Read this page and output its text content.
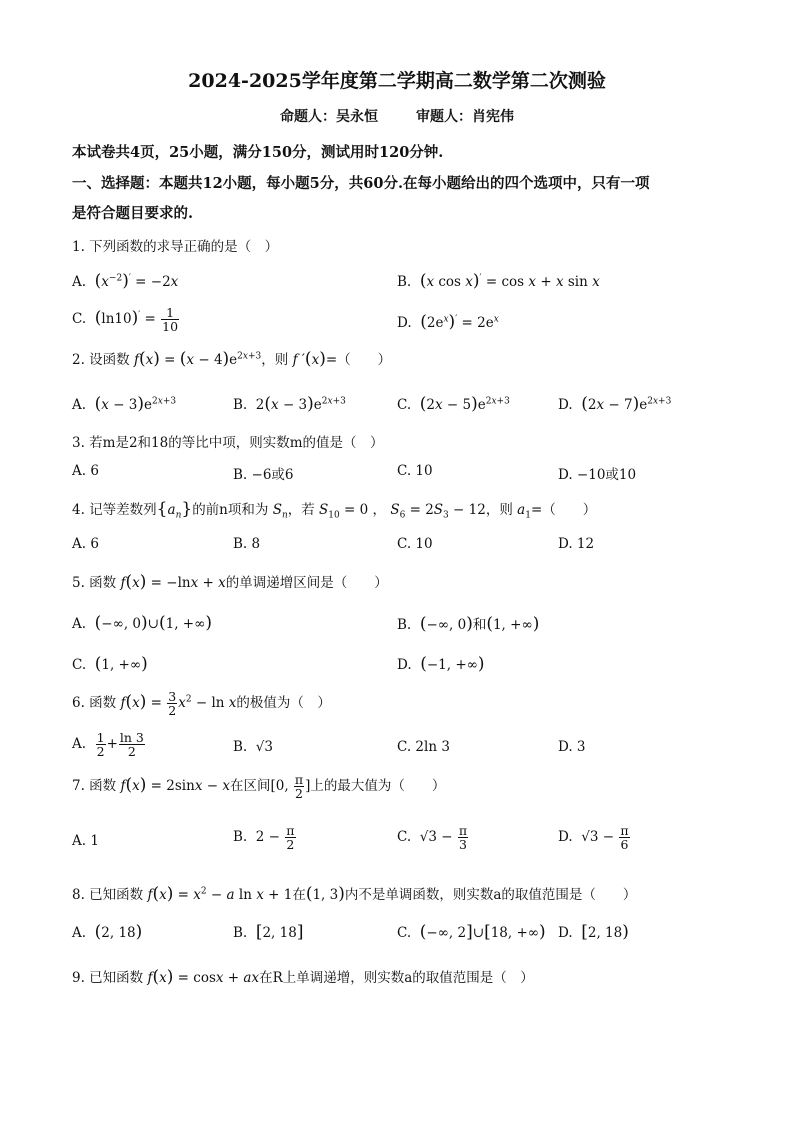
2024-2025学年度第二学期高二数学第二次测验
命题人：吴永恒	审题人：肖宪伟
本试卷共4页，25小题，满分150分，测试用时120分钟.
一、选择题：本题共12小题，每小题5分，共60分.在每小题给出的四个选项中，只有一项
是符合题目要求的.
1. 下列函数的求导正确的是（　）
A. $(x^{-2})' = -2x$	B. (x cos x)′ = cos x + x sin x
C. $(\ln 10)' = \frac{1}{10}$	D. $(2e^x)' = 2e^x$
2. 设函数 $f(x) = (x - 4)e^{2x+3}$，则 f ′(x)=（　　）
A. $(x - 3)e^{2x+3}$	B.  $2(x - 3)e^{2x+3}$	C. $(2x - 5)e^{2x+3}$	D. $(2x - 7)e^{2x+3}$
3. 若m是2和18的等比中项，则实数m的值是（　）
A. 6	B. −6或6	C. 10	D. −10或10
4. 记等差数列$\{a_n\}$的前n项和为 $S_n$，若 $S_{10} = 0$ ， $S_6 = 2S_3 - 12$，则 $a_1=$（　　）
A. 6	B. 8	C. 10	D. 12
5. 函数 f(x) = −lnx + x的单调递增区间是（　　）
A. (−∞, 0)∪(1, +∞)	B. (−∞, 0)和(1, +∞)
C. (1, +∞)	D. (−1, +∞)
6. 函数 $f(x) = \frac{3}{2} x^2 - \ln x$的极值为（　）
A. $\frac{1}{2} + \frac{\ln 3}{2}$	B.  √3	C. 2ln 3	D. 3
7. 函数 f(x) = 2sinx − x在区间[0, $\frac{\pi}{2}$ ]上的最大值为（　　）
A. 1	B.  $2 - \frac{\pi}{2}$	C.  $√3 - \frac{\pi}{3}$	D.  $√3 - \frac{\pi}{6}$
8. 已知函数 $f(x) = x^2 - a$ ln x + 1在(1, 3)内不是单调函数，则实数a的取值范围是（　　）
A. (2, 18)	B. [2, 18]	C. (−∞, 2]∪[18, +∞) D. [2, 18)
9. 已知函数 f(x) = cosx + ax在R上单调递增，则实数a的取值范围是（　）
